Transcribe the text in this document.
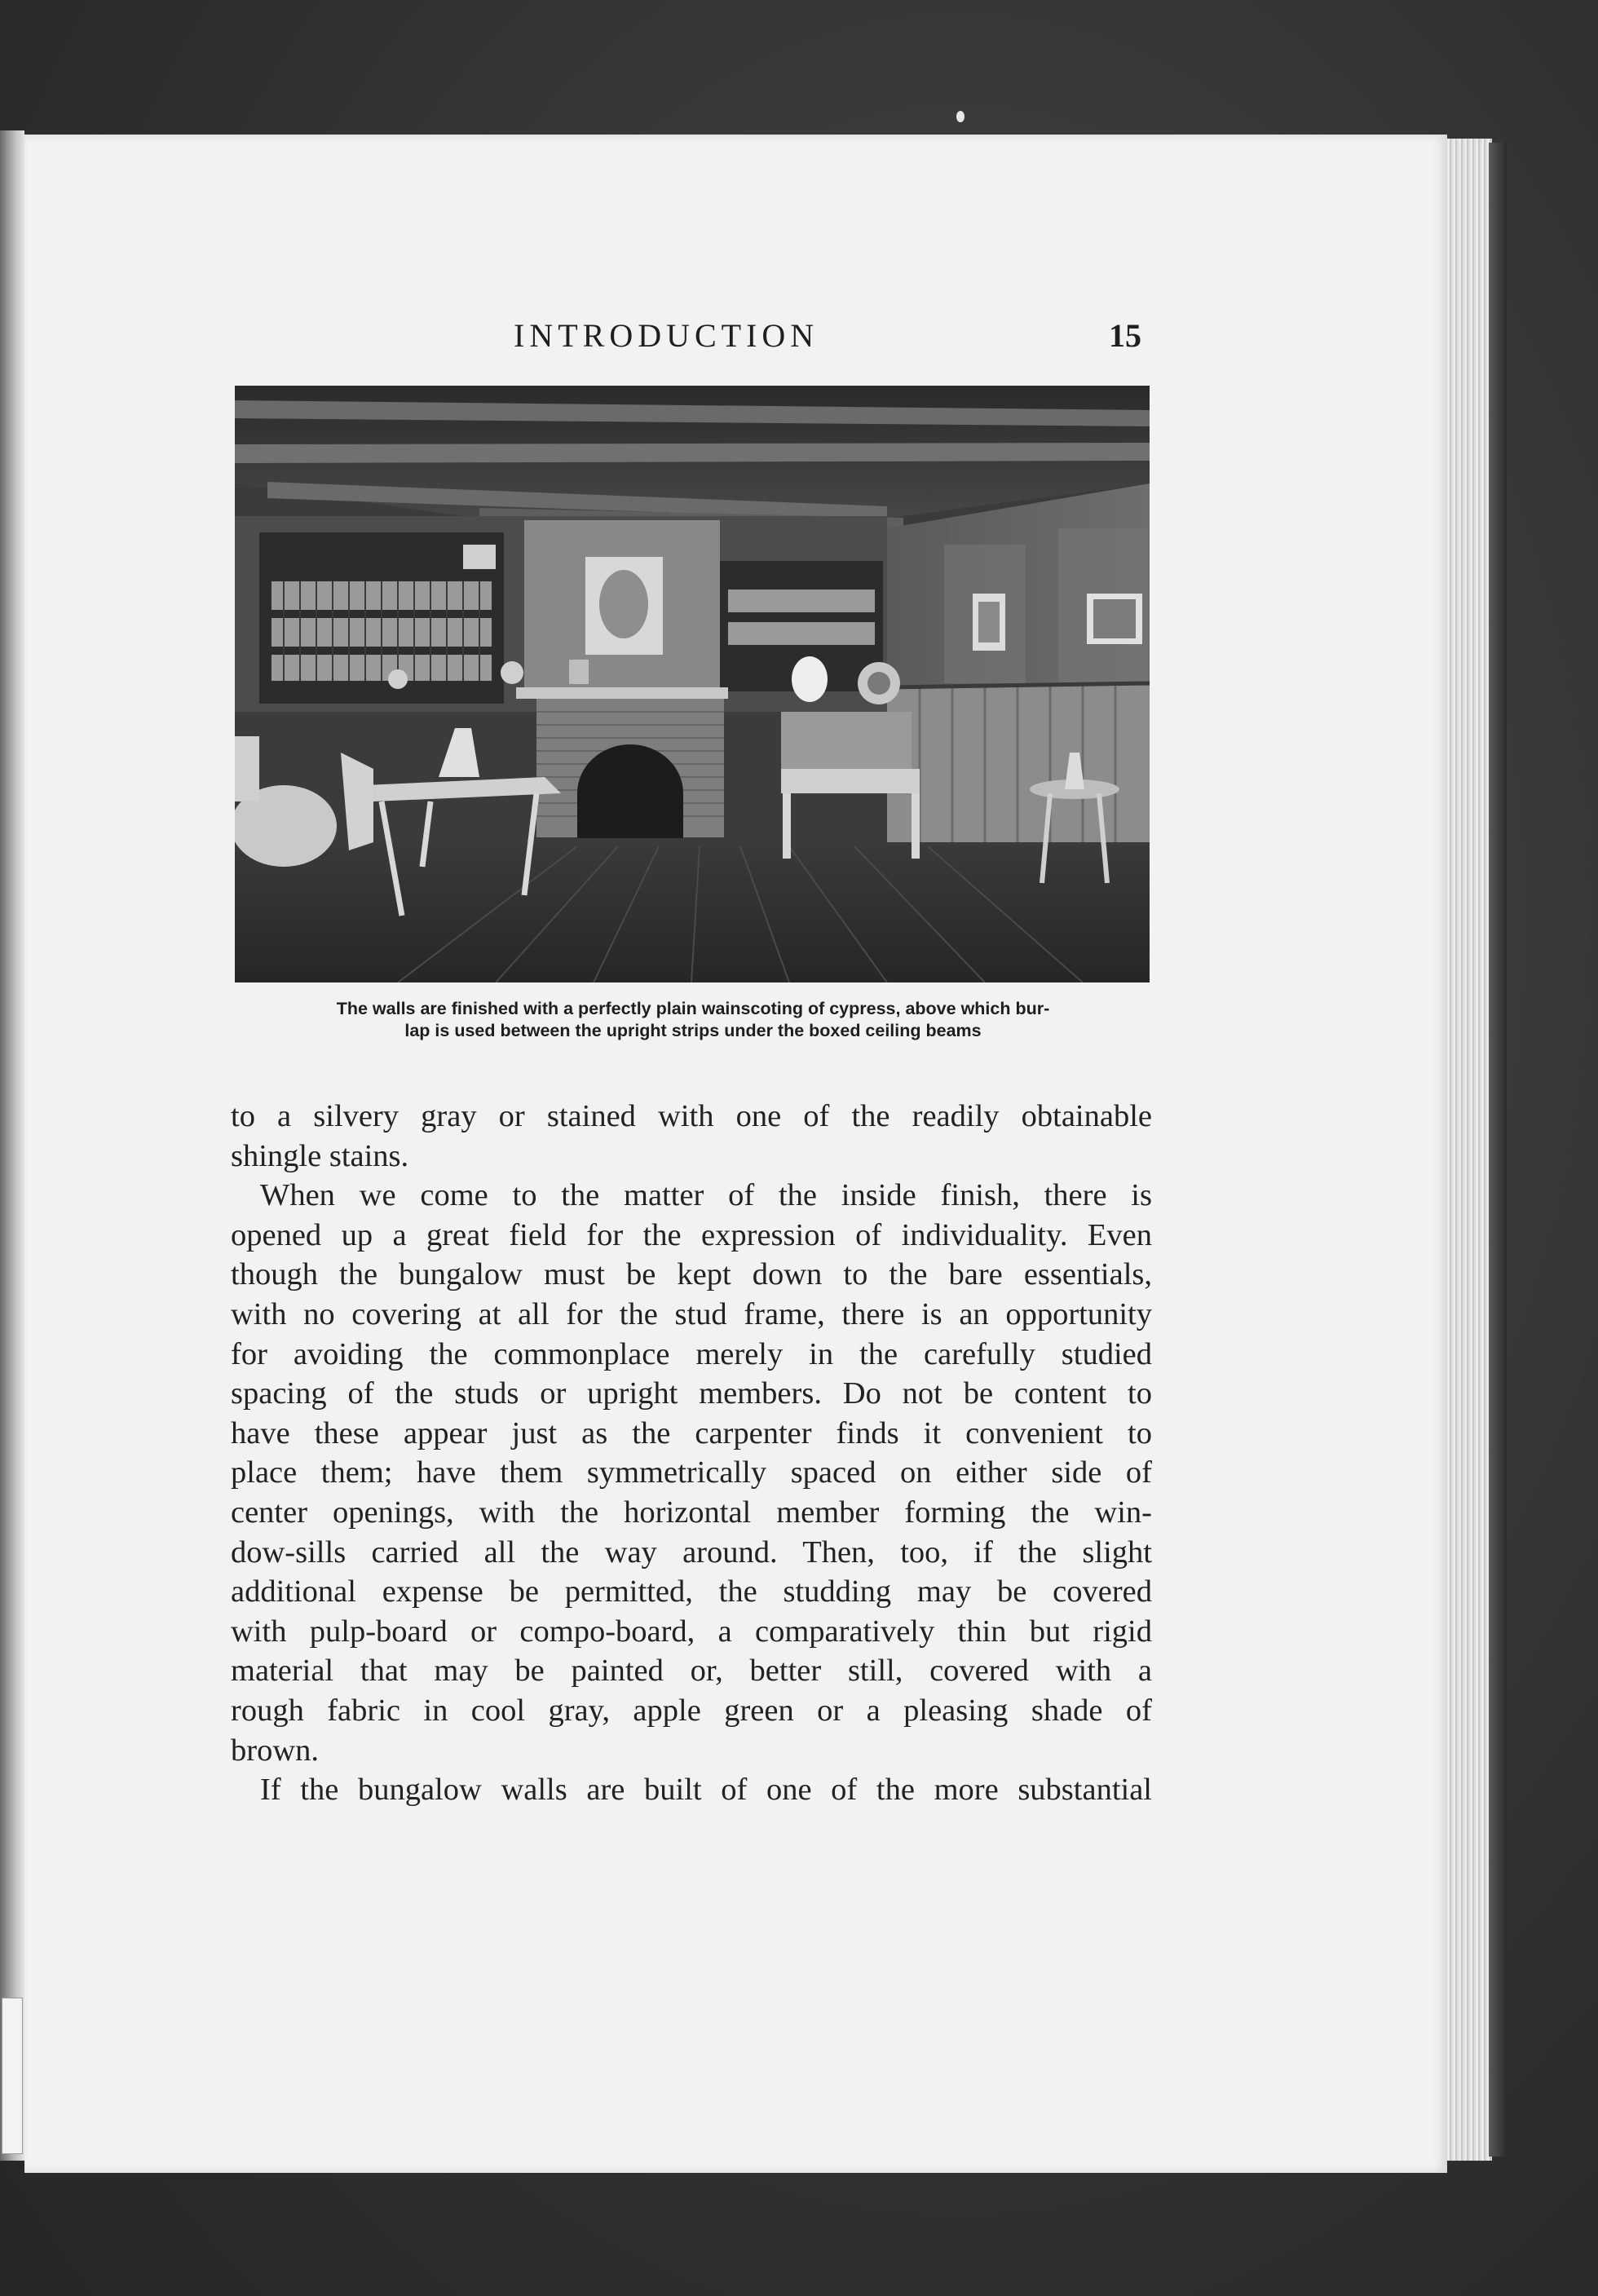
INTRODUCTION	15
The walls are finished with a perfectly plain wainscoting of cypress, above which bur-
lap is used between the upright strips under the boxed ceiling beams
to a silvery gray or stained with one of the readily obtainable
shingle stains.
When we come to the matter of the inside finish, there is
opened up a great field for the expression of individuality. Even
though the bungalow must be kept down to the bare essentials,
with no covering at all for the stud frame, there is an opportunity
for avoiding the commonplace merely in the carefully studied
spacing of the studs or upright members. Do not be content to
have these appear just as the carpenter finds it convenient to
place them; have them symmetrically spaced on either side of
center openings, with the horizontal member forming the win-
dow-sills carried all the way around. Then, too, if the slight
additional expense be permitted, the studding may be covered
with pulp-board or compo-board, a comparatively thin but rigid
material that may be painted or, better still, covered with a
rough fabric in cool gray, apple green or a pleasing shade of
brown.
If the bungalow walls are built of one of the more substantial
